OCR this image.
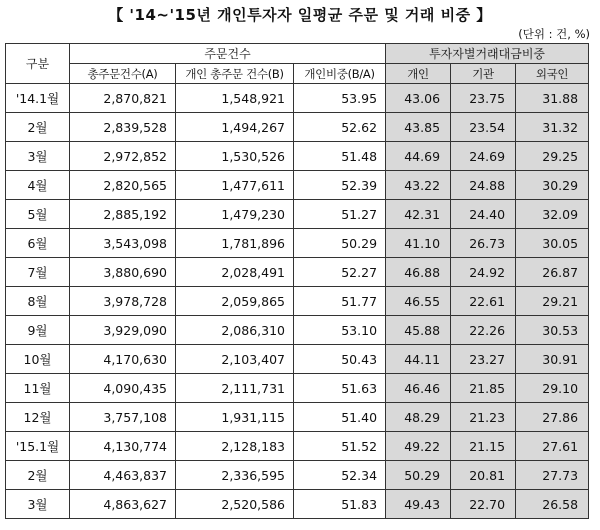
【 '14~'15년 개인투자자 일평균 주문 및 거래 비중 】
(단위 : 건, %)
구분	주문건수			투자자별거래대금비중		
	총주문건수(A)	개인 총주문 건수(B)	개인비중(B/A)	개인	기관	외국인
'14.1월	2,870,821	1,548,921	53.95	43.06	23.75	31.88
2월	2,839,528	1,494,267	52.62	43.85	23.54	31.32
3월	2,972,852	1,530,526	51.48	44.69	24.69	29.25
4월	2,820,565	1,477,611	52.39	43.22	24.88	30.29
5월	2,885,192	1,479,230	51.27	42.31	24.40	32.09
6월	3,543,098	1,781,896	50.29	41.10	26.73	30.05
7월	3,880,690	2,028,491	52.27	46.88	24.92	26.87
8월	3,978,728	2,059,865	51.77	46.55	22.61	29.21
9월	3,929,090	2,086,310	53.10	45.88	22.26	30.53
10월	4,170,630	2,103,407	50.43	44.11	23.27	30.91
11월	4,090,435	2,111,731	51.63	46.46	21.85	29.10
12월	3,757,108	1,931,115	51.40	48.29	21.23	27.86
'15.1월	4,130,774	2,128,183	51.52	49.22	21.15	27.61
2월	4,463,837	2,336,595	52.34	50.29	20.81	27.73
3월	4,863,627	2,520,586	51.83	49.43	22.70	26.58
